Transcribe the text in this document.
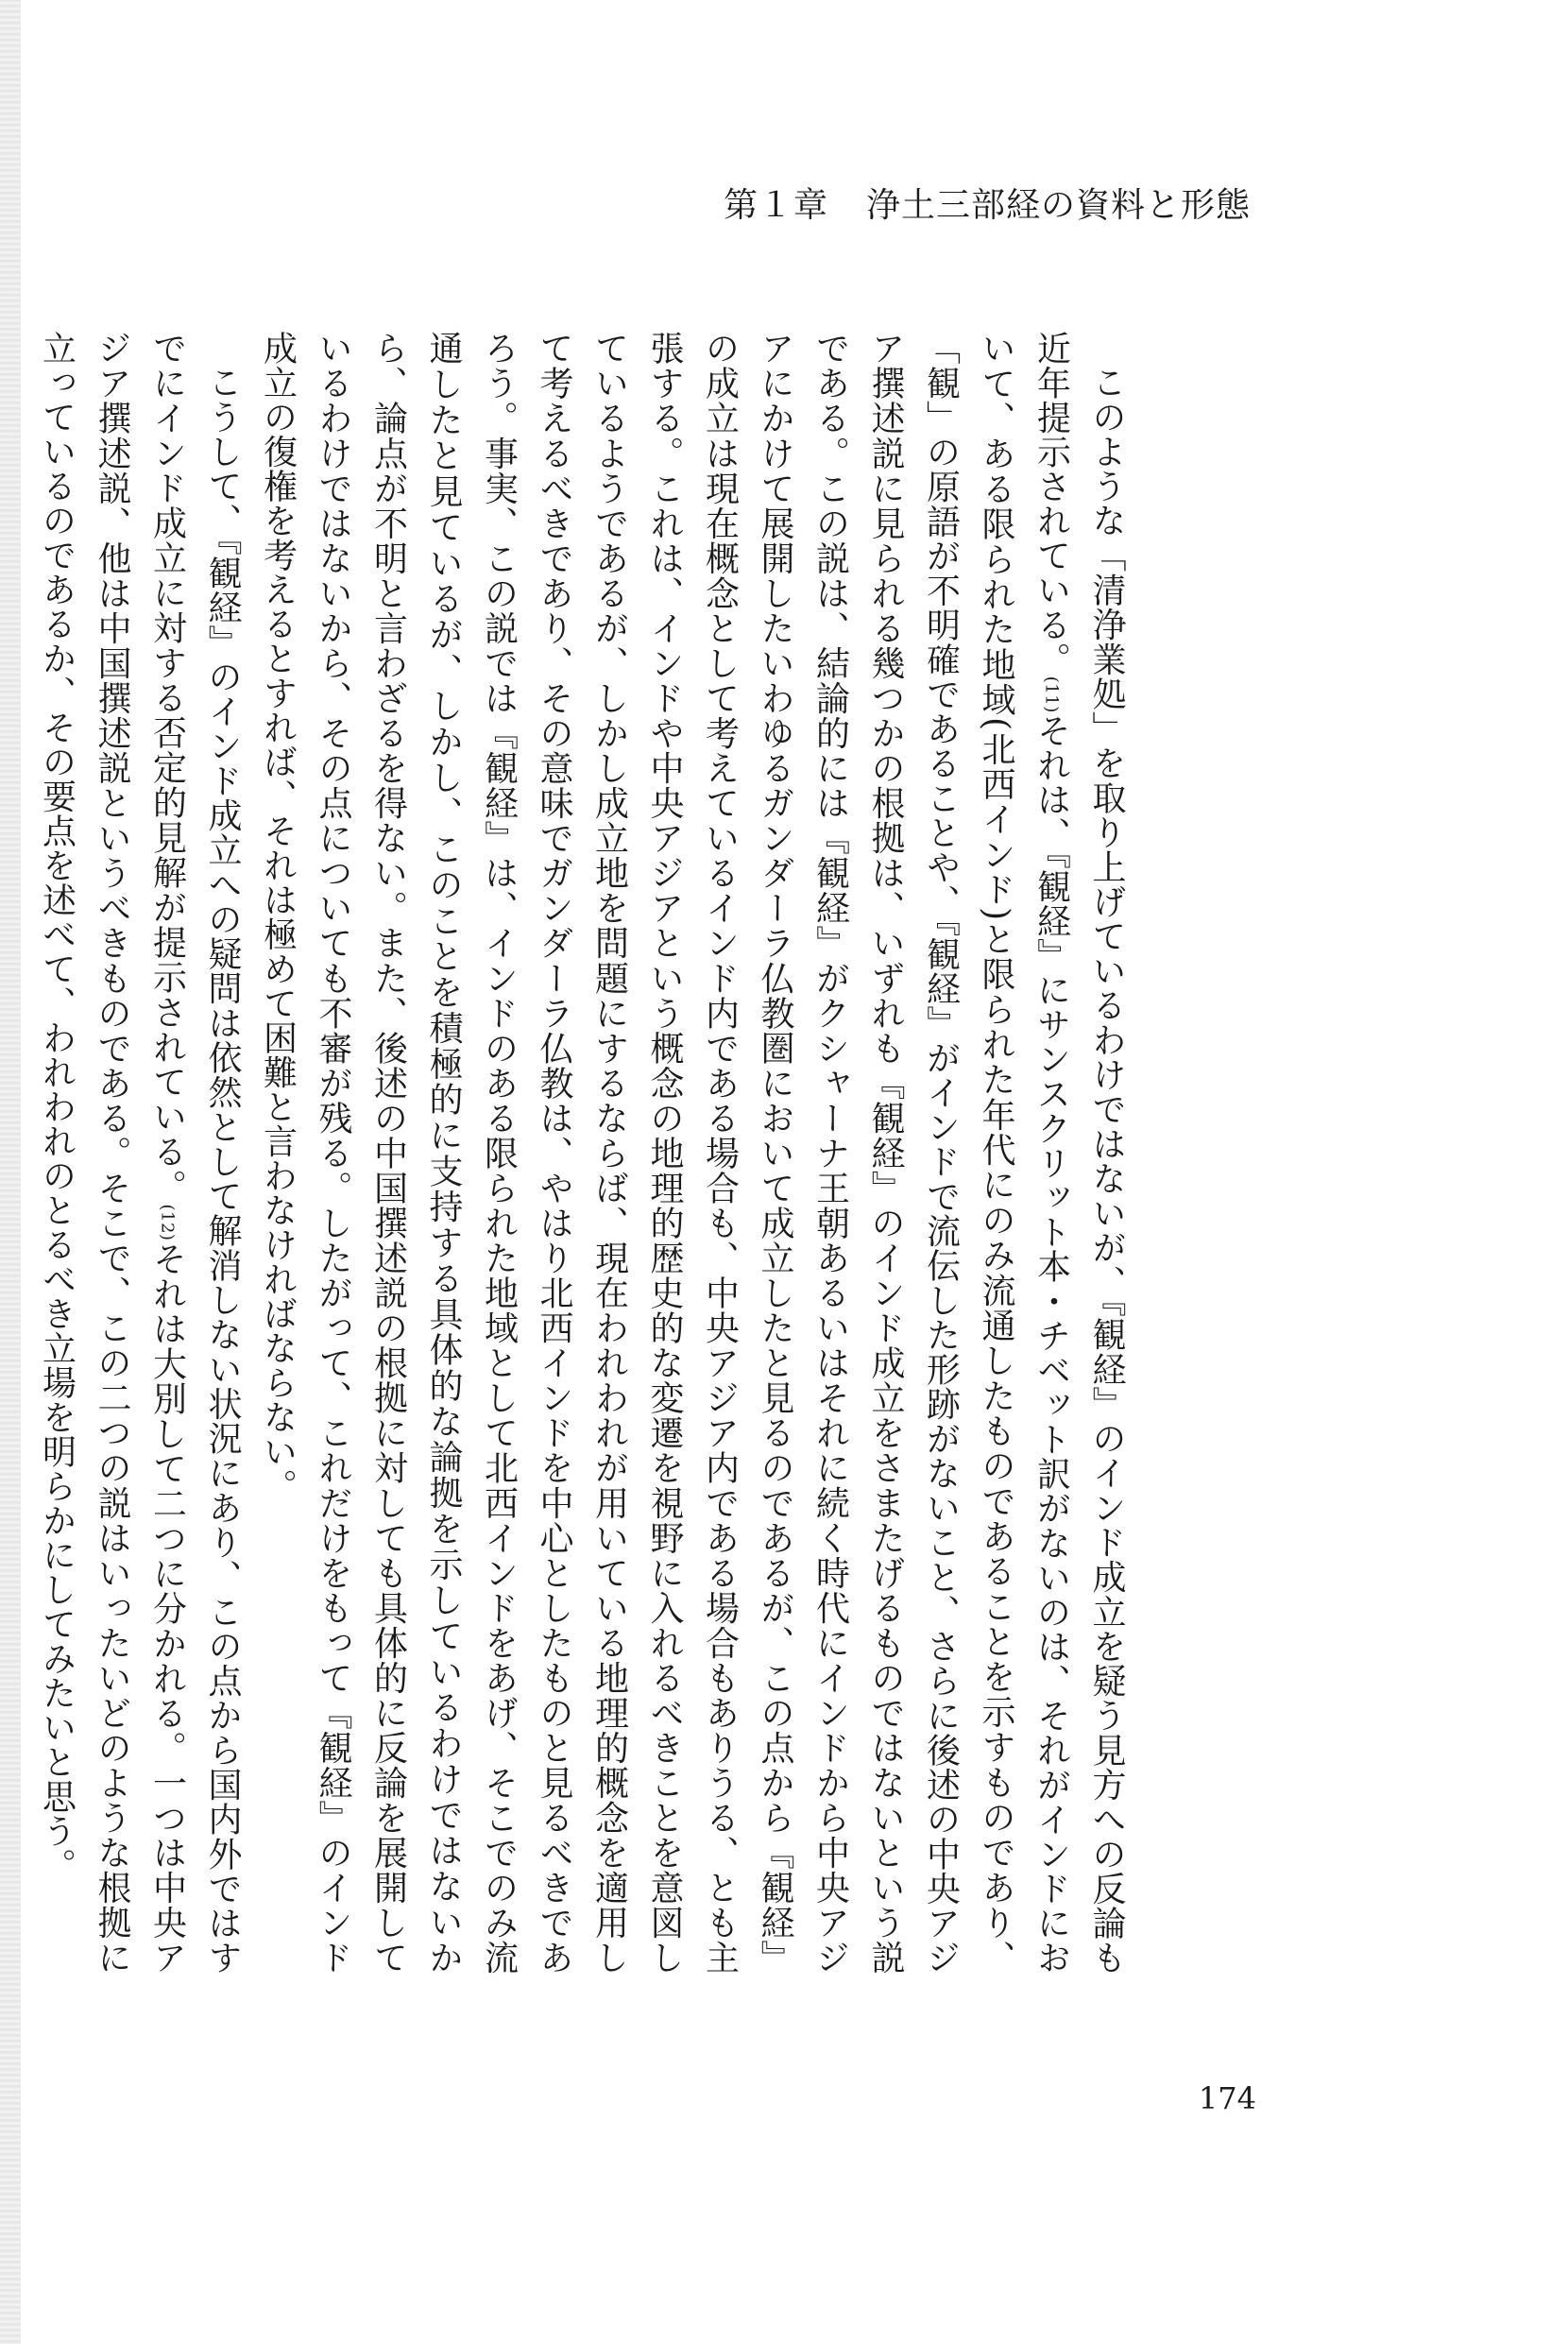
第１章 浄土三部経の資料と形態

このような「清浄業処」を取り上げているわけではないが、『観経』のインド成立を疑う見方への反論も近年提示されている。(11)それは、『観経』にサンスクリット本・チベット訳がないのは、それがインドにおいて、ある限られた地域(北西インド)と限られた年代にのみ流通したものであることを示すものであり、「観」の原語が不明確であることや、『観経』がインドで流伝した形跡がないこと、さらに後述の中央アジア撰述説に見られる幾つかの根拠は、いずれも『観経』のインド成立をさまたげるものではないという説である。この説は、結論的には『観経』がクシャーナ王朝あるいはそれに続く時代にインドから中央アジアにかけて展開したいわゆるガンダーラ仏教圏において成立したと見るのであるが、この点から『観経』の成立は現在概念として考えているインド内である場合も、中央アジア内である場合もありうる、とも主張する。これは、インドや中央アジアという概念の地理的歴史的な変遷を視野に入れるべきことを意図しているようであるが、しかし成立地を問題にするならば、現在われわれが用いている地理的概念を適用して考えるべきであり、その意味でガンダーラ仏教は、やはり北西インドを中心としたものと見るべきであろう。事実、この説では『観経』は、インドのある限られた地域として北西インドをあげ、そこでのみ流通したと見ているが、しかし、このことを積極的に支持する具体的な論拠を示しているわけではないから、論点が不明と言わざるを得ない。また、後述の中国撰述説の根拠に対しても具体的に反論を展開しているわけではないから、その点についても不審が残る。したがって、これだけをもって『観経』のインド成立の復権を考えるとすれば、それは極めて困難と言わなければならない。

こうして、『観経』のインド成立への疑問は依然として解消しない状況にあり、この点から国内外ではすでにインド成立に対する否定的見解が提示されている。(12)それは大別して二つに分かれる。一つは中央アジア撰述説、他は中国撰述説というべきものである。そこで、この二つの説はいったいどのような根拠に立っているのであるか、その要点を述べて、われわれのとるべき立場を明らかにしてみたいと思う。

174
